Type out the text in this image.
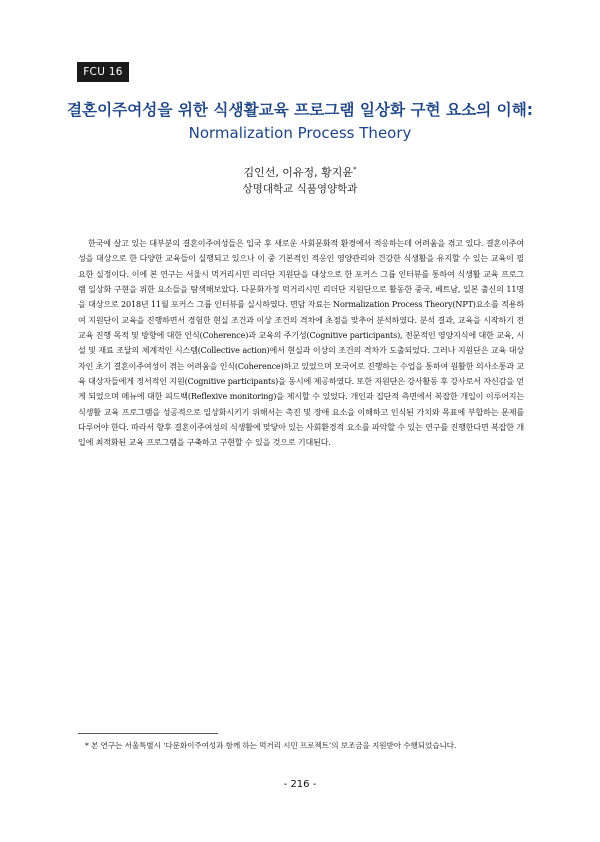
FCU 16
결혼이주여성을 위한 식생활교육 프로그램 일상화 구현 요소의 이해:
Normalization Process Theory
김인선, 이유정, 황지윤*
상명대학교 식품영양학과

한국에 살고 있는 대부분의 결혼이주여성들은 입국 후 새로운 사회문화적 환경에서 적응하는데 어려움을 겪고 있다. 결혼이주여성을 대상으로 한 다양한 교육들이 실행되고 있으나 이 중 기본적인 적응인 영양관리와 건강한 식생활을 유지할 수 있는 교육이 필요한 실정이다. 이에 본 연구는 서울시 먹거리시민 리더단 지원단을 대상으로 한 포커스 그룹 인터뷰를 통하여 식생활 교육 프로그램 일상화 구현을 위한 요소들을 탐색해보았다. 다문화가정 먹거리시민 리더단 지원단으로 활동한 중국, 베트남, 일본 출신의 11명을 대상으로 2018년 11월 포커스 그룹 인터뷰를 실시하였다. 면담 자료는 Normalization Process Theory(NPT)요소를 적용하여 지원단이 교육을 진행하면서 경험한 현실 조건과 이상 조건의 격차에 초점을 맞추어 분석하였다. 분석 결과, 교육을 시작하기 전 교육 진행 목적 및 방향에 대한 인식(Coherence)과 교육의 주기성(Cognitive participants), 전문적인 영양지식에 대한 교육, 시설 및 재료 조달의 체계적인 시스템(Collective action)에서 현실과 이상의 조건의 격차가 도출되었다. 그러나 지원단은 교육 대상자인 초기 결혼이주여성이 겪는 어려움을 인식(Coherence)하고 있었으며 모국어로 진행하는 수업을 통하여 원활한 의사소통과 교육 대상자들에게 정서적인 지원(Cognitive participants)을 동시에 제공하였다. 또한 지원단은 강사활동 후 강사로서 자신감을 얻게 되었으며 메뉴에 대한 피드백(Reflexive monitoring)을 제시할 수 있었다. 개인과 집단적 측면에서 복잡한 개입이 이루어지는 식생활 교육 프로그램을 성공적으로 일상화시키기 위해서는 촉진 및 장애 요소을 이해하고 인식된 가치와 목표에 부합하는 문제를 다루어야 한다. 따라서 향후 결혼이주여성의 식생활에 맞닿아 있는 사회환경적 요소를 파악할 수 있는 연구를 진행한다면 복잡한 개입에 최적화된 교육 프로그램을 구축하고 구현할 수 있을 것으로 기대된다.

* 본 연구는 서울특별시 ‘다문화이주여성과 함께 하는 먹거리 시민 프로젝트’의 보조금을 지원받아 수행되었습니다.
- 216 -
